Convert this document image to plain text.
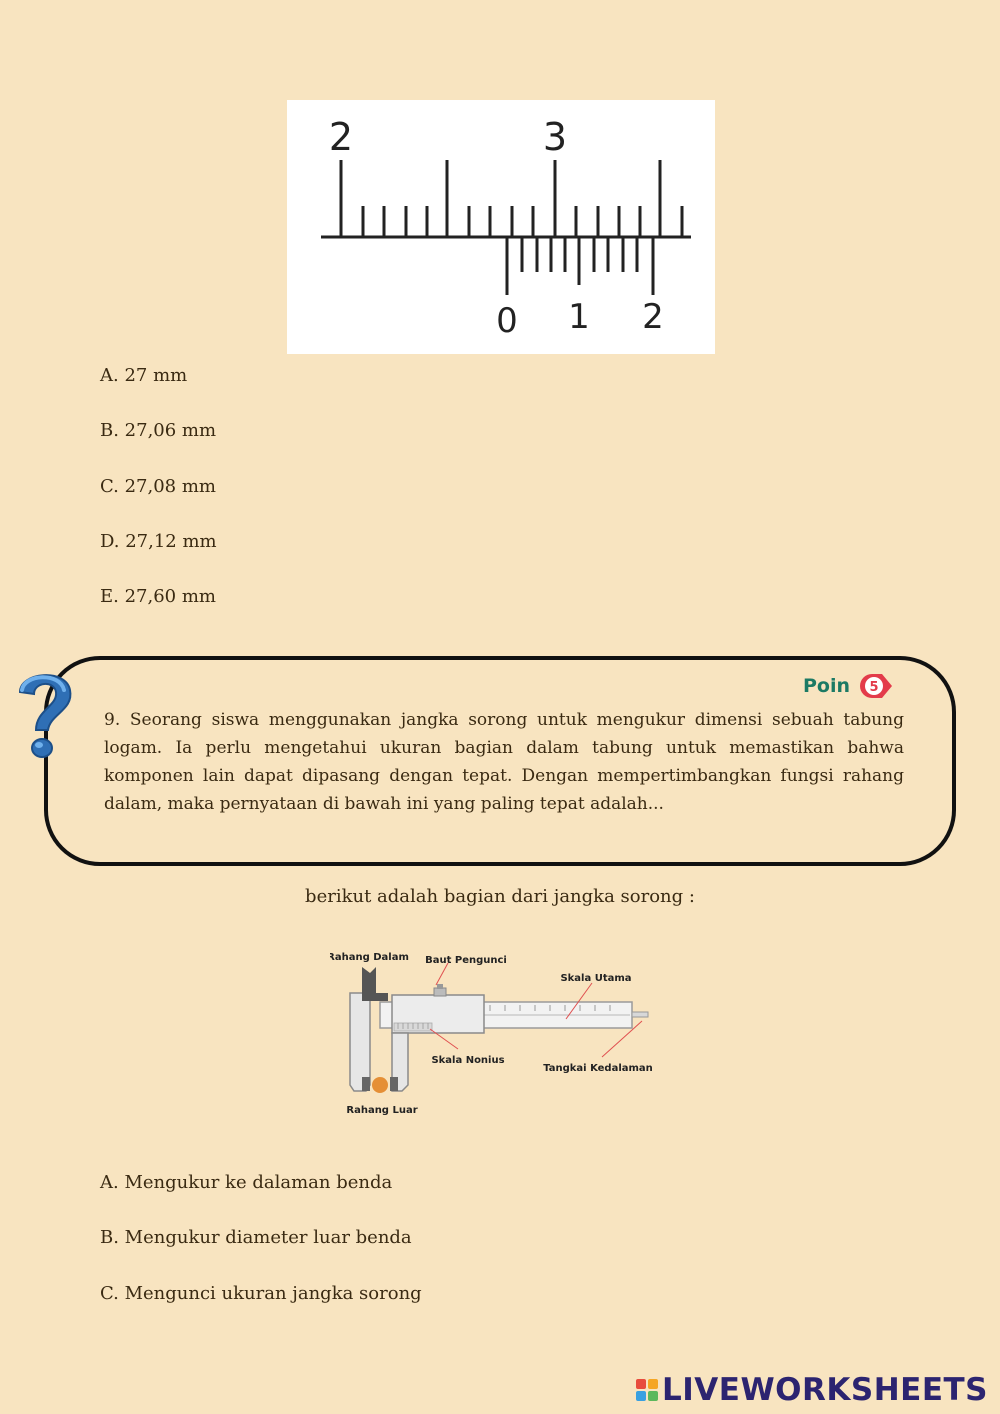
2	3
0 1 2
A. 27 mm
B. 27,06 mm
C. 27,08 mm
D. 27,12 mm
E. 27,60 mm
Poin 5
9. Seorang siswa menggunakan jangka sorong untuk mengukur dimensi sebuah tabung logam. Ia perlu mengetahui ukuran bagian dalam tabung untuk memastikan bahwa komponen lain dapat dipasang dengan tepat. Dengan mempertimbangkan fungsi rahang dalam, maka pernyataan di bawah ini yang paling tepat adalah...
berikut adalah bagian dari jangka sorong :
Rahang Dalam Baut Pengunci
Skala Utama
Skala Nonius
Tangkai Kedalaman
Rahang Luar
A. Mengukur ke dalaman benda
B. Mengukur diameter luar benda
C. Mengunci ukuran jangka sorong
LIVEWORKSHEETS
